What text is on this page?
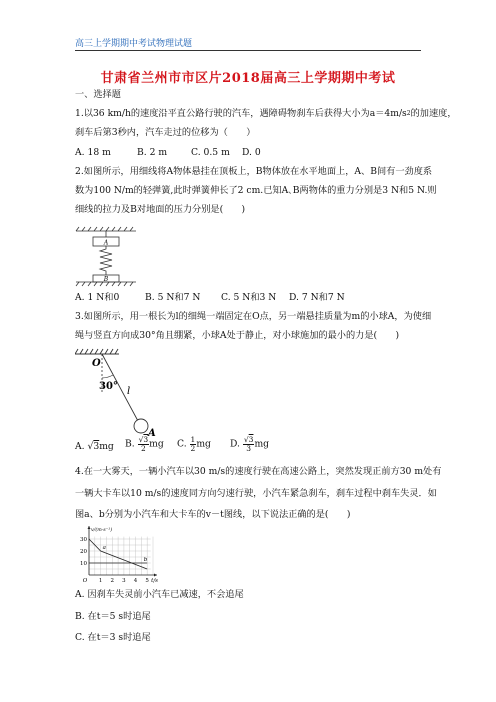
高三上学期期中考试物理试题
甘肃省兰州市市区片2018届高三上学期期中考试
一、选择题
1.以36 km/h的速度沿平直公路行驶的汽车，遇障碍物刹车后获得大小为$a=4m/s^2$的加速度，
刹车后第3秒内，汽车走过的位移为（　　）
A. 18 m	B. 2 m	C. 0.5 m D. 0
2.如图所示，用细线将A物体悬挂在顶板上，B物体放在水平地面上，A、B间有一劲度系
数为100 N/m的轻弹簧,此时弹簧伸长了2 cm.已知A､B两物体的重力分别是3 N和5 N.则
细线的拉力及B对地面的压力分别是(　　)
A
B
A. 1 N和0	B. 5 N和7 N C. 5 N和3 N D. 7 N和7 N
3.如图所示，用一根长为l的细绳一端固定在O点，另一端悬挂质量为m的小球A，为使细
绳与竖直方向成30°角且绷紧，小球A处于静止，对小球施加的最小的力是(　　)
O
30° l
A
A. √3mg B. $\frac{√3}{2}$ mg C. $\frac{1}{2}$ mg D. $\frac{√3}{3}$ mg
4.在一大雾天，一辆小汽车以30 m/s的速度行驶在高速公路上，突然发现正前方30 m处有
一辆大卡车以10 m/s的速度同方向匀速行驶，小汽车紧急刹车，刹车过程中刹车失灵．如
图a、b分别为小汽车和大卡车的v－t图线，以下说法正确的是(　　)
10
20
30
1 2 3 4 5
O
v/(m·s⁻¹)
t/s
a
b
A. 因刹车失灵前小汽车已减速，不会追尾
B. 在t＝5 s时追尾
C. 在t＝3 s时追尾
